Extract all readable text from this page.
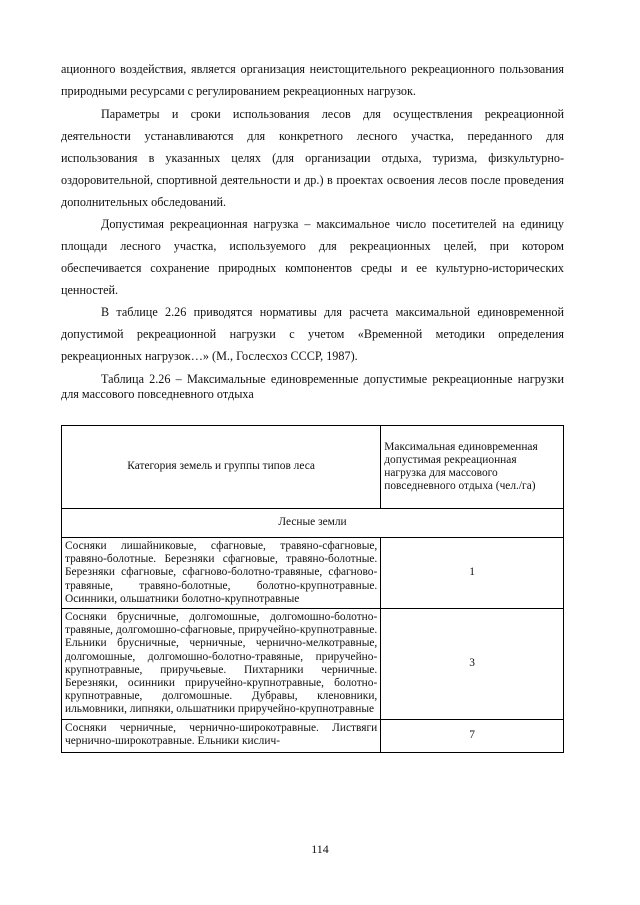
ационного воздействия, является организация неистощительного рекреационного пользования природными ресурсами с регулированием рекреационных нагрузок.
Параметры и сроки использования лесов для осуществления рекреационной деятельности устанавливаются для конкретного лесного участка, переданного для использования в указанных целях (для организации отдыха, туризма, физкультурно-оздоровительной, спортивной деятельности и др.) в проектах освоения лесов после проведения дополнительных обследований.
Допустимая рекреационная нагрузка – максимальное число посетителей на единицу площади лесного участка, используемого для рекреационных целей, при котором обеспечивается сохранение природных компонентов среды и ее культурно-исторических ценностей.
В таблице 2.26 приводятся нормативы для расчета максимальной единовременной допустимой рекреационной нагрузки с учетом «Временной методики определения рекреационных нагрузок…» (М., Гослесхоз СССР, 1987).
Таблица 2.26 – Максимальные единовременные допустимые рекреационные нагрузки для массового повседневного отдыха
Категория земель и группы типов леса	Максимальная единовременная допустимая рекреационная нагрузка для массового повседневного отдыха (чел./га)
Лесные земли	
Сосняки лишайниковые, сфагновые, травяно-сфагновые, травяно-болотные. Березняки сфагновые, травяно-болотные. Березняки сфагновые, сфагново-болотно-травяные, сфагново-травяные, травяно-болотные, болотно-крупнотравные. Осинники, ольшатники болотно-крупнотравные	1
Сосняки брусничные, долгомошные, долгомошно-болотно-травяные, долгомошно-сфагновые, приручейно-крупнотравные. Ельники брусничные, черничные, чернично-мелкотравные, долгомошные, долгомошно-болотно-травяные, приручейно-крупнотравные, приручьевые. Пихтарники черничные. Березняки, осинники приручейно-крупнотравные, болотно-крупнотравные, долгомошные. Дубравы, кленовники, ильмовники, липняки, ольшатники приручейно-крупнотравные	3

Сосняки черничные, чернично-широкотравные. Листвяги чернично-широкотравные. Ельники кислич-	7
114
